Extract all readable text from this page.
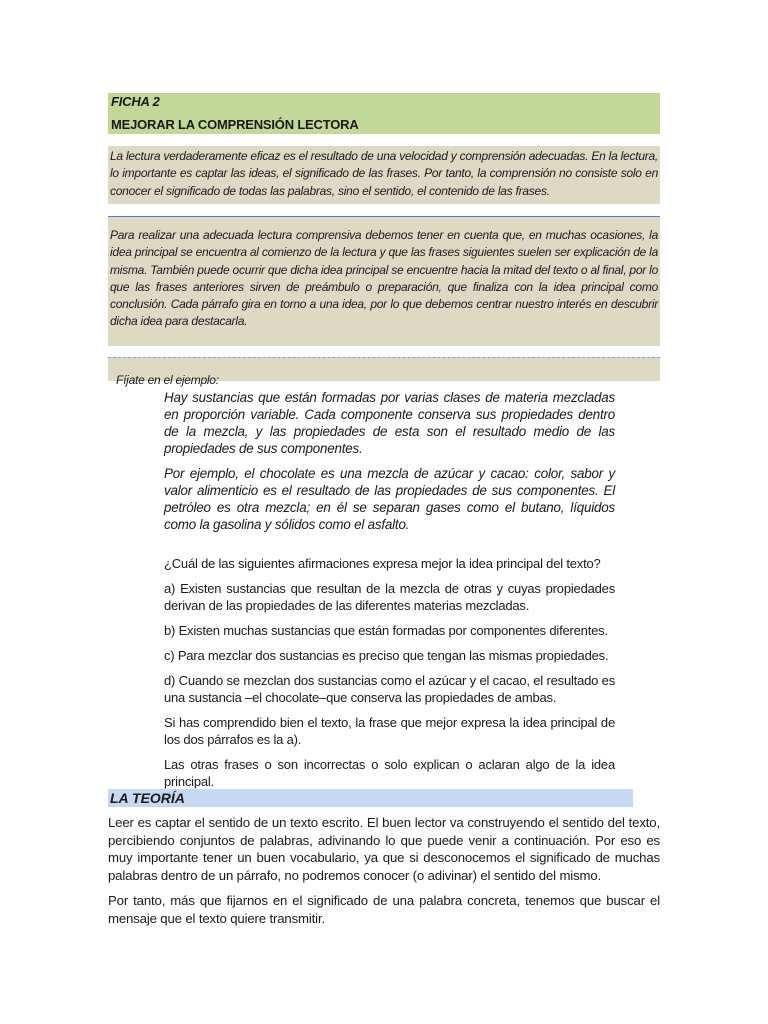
FICHA 2
MEJORAR LA COMPRENSIÓN LECTORA

La lectura verdaderamente eficaz es el resultado de una velocidad y comprensión adecuadas. En la lectura, lo importante es captar las ideas, el significado de las frases. Por tanto, la comprensión no consiste solo en conocer el significado de todas las palabras, sino el sentido, el contenido de las frases.

Para realizar una adecuada lectura comprensiva debemos tener en cuenta que, en muchas ocasiones, la idea principal se encuentra al comienzo de la lectura y que las frases siguientes suelen ser explicación de la misma. También puede ocurrir que dicha idea principal se encuentre hacia la mitad del texto o al final, por lo que las frases anteriores sirven de preámbulo o preparación, que finaliza con la idea principal como conclusión. Cada párrafo gira en torno a una idea, por lo que debemos centrar nuestro interés en descubrir dicha idea para destacarla.

Fíjate en el ejemplo:

Hay sustancias que están formadas por varias clases de materia mezcladas en proporción variable. Cada componente conserva sus propiedades dentro de la mezcla, y las propiedades de esta son el resultado medio de las propiedades de sus componentes.

Por ejemplo, el chocolate es una mezcla de azúcar y cacao: color, sabor y valor alimenticio es el resultado de las propiedades de sus componentes. El petróleo es otra mezcla; en él se separan gases como el butano, líquidos como la gasolina y sólidos como el asfalto.

¿Cuál de las siguientes afirmaciones expresa mejor la idea principal del texto?

a) Existen sustancias que resultan de la mezcla de otras y cuyas propiedades derivan de las propiedades de las diferentes materias mezcladas.

b) Existen muchas sustancias que están formadas por componentes diferentes.

c) Para mezclar dos sustancias es preciso que tengan las mismas propiedades.

d) Cuando se mezclan dos sustancias como el azúcar y el cacao, el resultado es una sustancia –el chocolate–que conserva las propiedades de ambas.

Si has comprendido bien el texto, la frase que mejor expresa la idea principal de los dos párrafos es la a).

Las otras frases o son incorrectas o solo explican o aclaran algo de la idea principal.

LA TEORÍA

Leer es captar el sentido de un texto escrito. El buen lector va construyendo el sentido del texto, percibiendo conjuntos de palabras, adivinando lo que puede venir a continuación. Por eso es muy importante tener un buen vocabulario, ya que si desconocemos el significado de muchas palabras dentro de un párrafo, no podremos conocer (o adivinar) el sentido del mismo.

Por tanto, más que fijarnos en el significado de una palabra concreta, tenemos que buscar el mensaje que el texto quiere transmitir.
